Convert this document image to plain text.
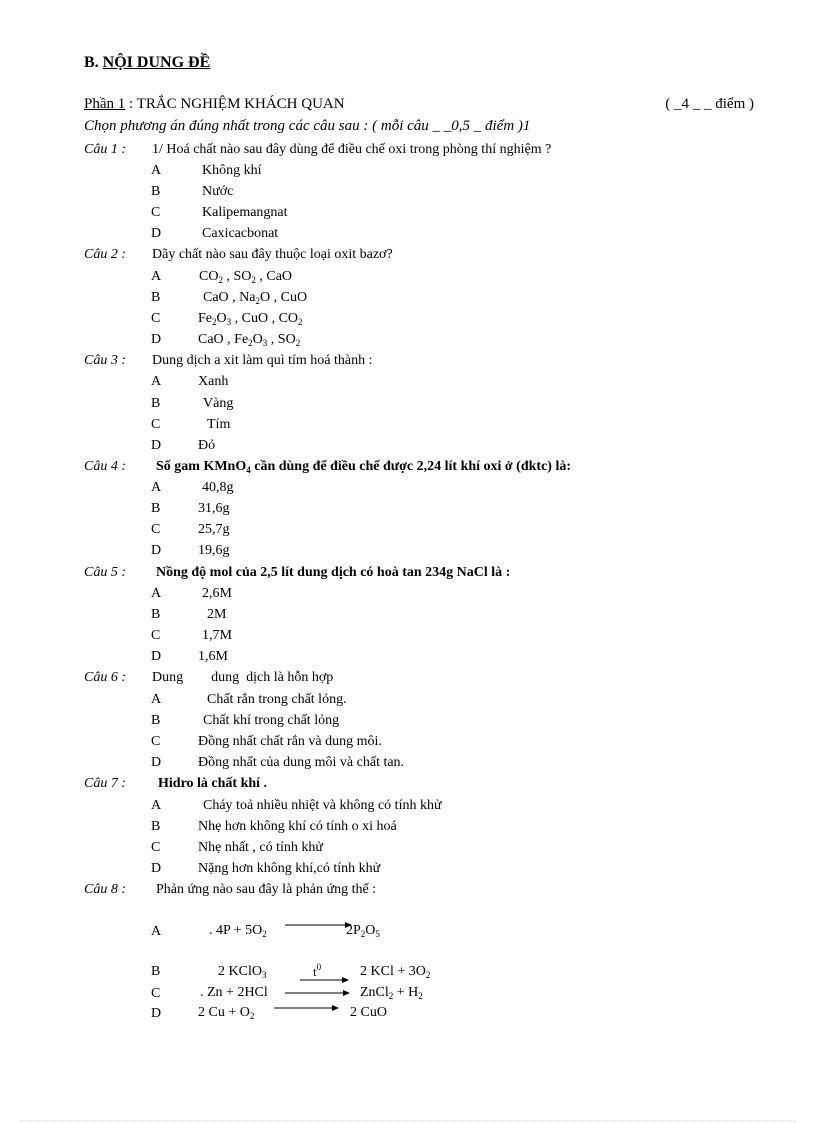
B. NỘI DUNG ĐỀ
Phần 1 : TRẮC NGHIỆM KHÁCH QUAN	( _4 _ _ điểm )
Chọn phương án đúng nhất trong các câu sau : ( mỗi câu _ _0,5 _ điểm )1
Câu 1 :	1/ Hoá chất nào sau đây dùng để điều chế oxi trong phòng thí nghiệm ?
A	Không khí
B	Nước
C	Kalipemangnat
D	Caxicacbonat
Câu 2 :	Dãy chất nào sau đây thuộc loại oxit bazơ?
A	$CO_2$ , $SO_2$ , CaO
B	CaO , $Na_2O$ , CuO
C	$Fe_2O_3$ , CuO , $CO_2$
D	CaO , $Fe_2O_3$ , $SO_2$
Câu 3 :	Dung dịch a xit làm quì tím hoá thành :
A	Xanh
B	Vàng
C	Tím
D	Đỏ
Câu 4 :	Số gam KMnO$_4$ cần dùng để điều chế được 2,24 lít khí oxi ở (đktc) là:
A	40,8g
B	31,6g
C	25,7g
D	19,6g
Câu 5 :	Nồng độ mol của 2,5 lít dung dịch có hoà tan 234g NaCl là :
A	2,6M
B	2M
C	1,7M
D	1,6M
Câu 6 :	Dung        dung  dịch là hỗn hợp
A	Chất rắn trong chất lỏng.
B	Chất khí trong chất lỏng
C	Đồng nhất chất rắn và dung môi.
D	Đồng nhất của dung môi và chất tan.
Câu 7 :	Hidro là chất khí .
A	Cháy toả nhiều nhiệt và không có tính khử
B	Nhẹ hơn không khí có tính o xi hoá
C	Nhẹ nhất , có tính khử
D	Nặng hơn không khí,có tính khử
Câu 8 :	Phản ứng nào sau đây là phản ứng thế :
A	. $4P + 5O_2$	$2P_2O_5$
B	2 KClO$_3$	$t^0$	2 KCl + $3O_2$
C	. Zn + 2HCl	ZnCl$_2$ + $H_2$
D	2 $Cu + O_2$	2 CuO
